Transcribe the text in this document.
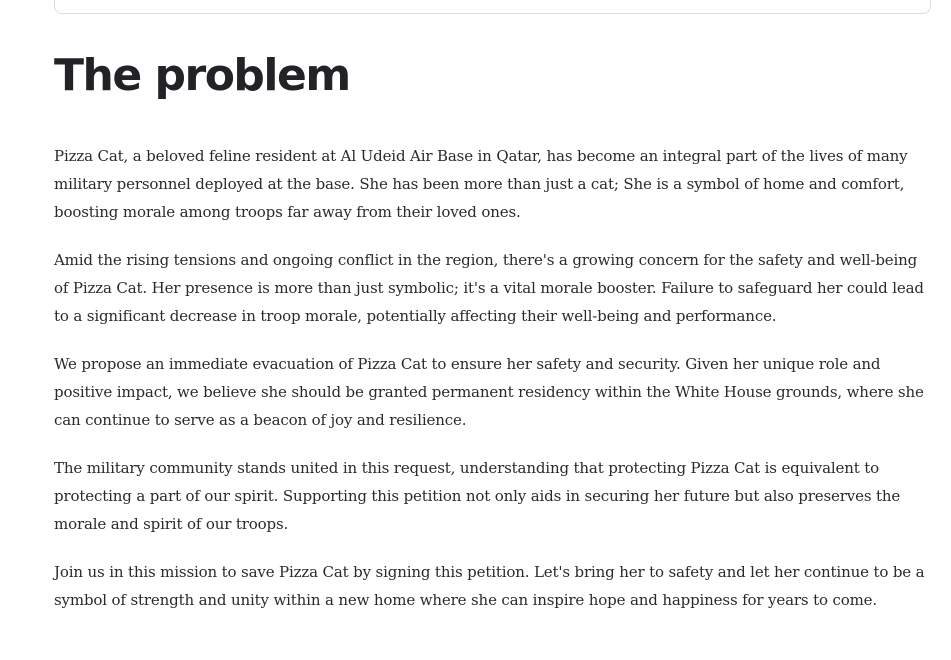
The problem

Pizza Cat, a beloved feline resident at Al Udeid Air Base in Qatar, has become an integral part of the lives of many military personnel deployed at the base. She has been more than just a cat; She is a symbol of home and comfort, boosting morale among troops far away from their loved ones.

Amid the rising tensions and ongoing conflict in the region, there's a growing concern for the safety and well-being of Pizza Cat. Her presence is more than just symbolic; it's a vital morale booster. Failure to safeguard her could lead to a significant decrease in troop morale, potentially affecting their well-being and performance.

We propose an immediate evacuation of Pizza Cat to ensure her safety and security. Given her unique role and positive impact, we believe she should be granted permanent residency within the White House grounds, where she can continue to serve as a beacon of joy and resilience.

The military community stands united in this request, understanding that protecting Pizza Cat is equivalent to protecting a part of our spirit. Supporting this petition not only aids in securing her future but also preserves the morale and spirit of our troops.

Join us in this mission to save Pizza Cat by signing this petition. Let's bring her to safety and let her continue to be a symbol of strength and unity within a new home where she can inspire hope and happiness for years to come.
